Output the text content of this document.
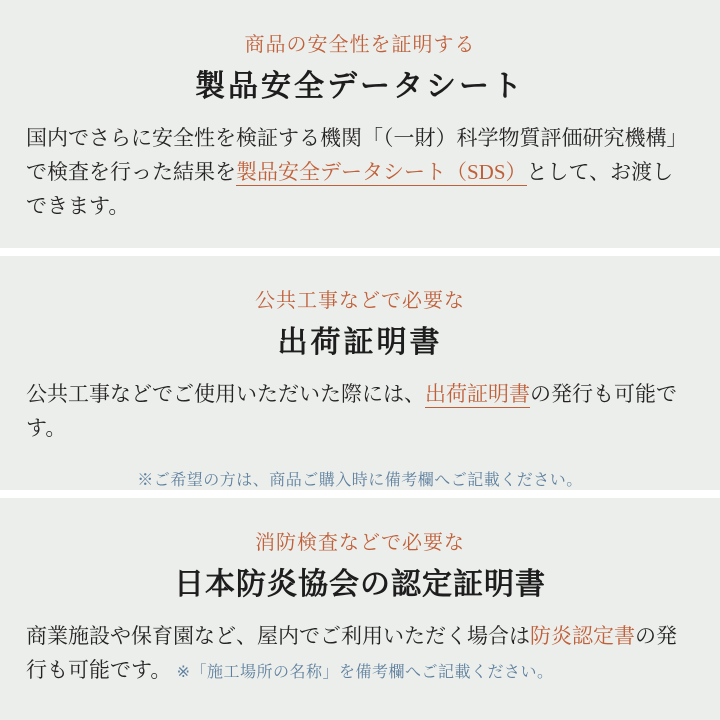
商品の安全性を証明する
製品安全データシート
国内でさらに安全性を検証する機関「（一財）科学物質評価研究機構」で検査を行った結果を製品安全データシート（SDS）として、お渡しできます。
公共工事などで必要な
出荷証明書
公共工事などでご使用いただいた際には、出荷証明書の発行も可能です。
※ご希望の方は、商品ご購入時に備考欄へご記載ください。
消防検査などで必要な
日本防炎協会の認定証明書
商業施設や保育園など、屋内でご利用いただく場合は防炎認定書の発行も可能です。 ※「施工場所の名称」を備考欄へご記載ください。
